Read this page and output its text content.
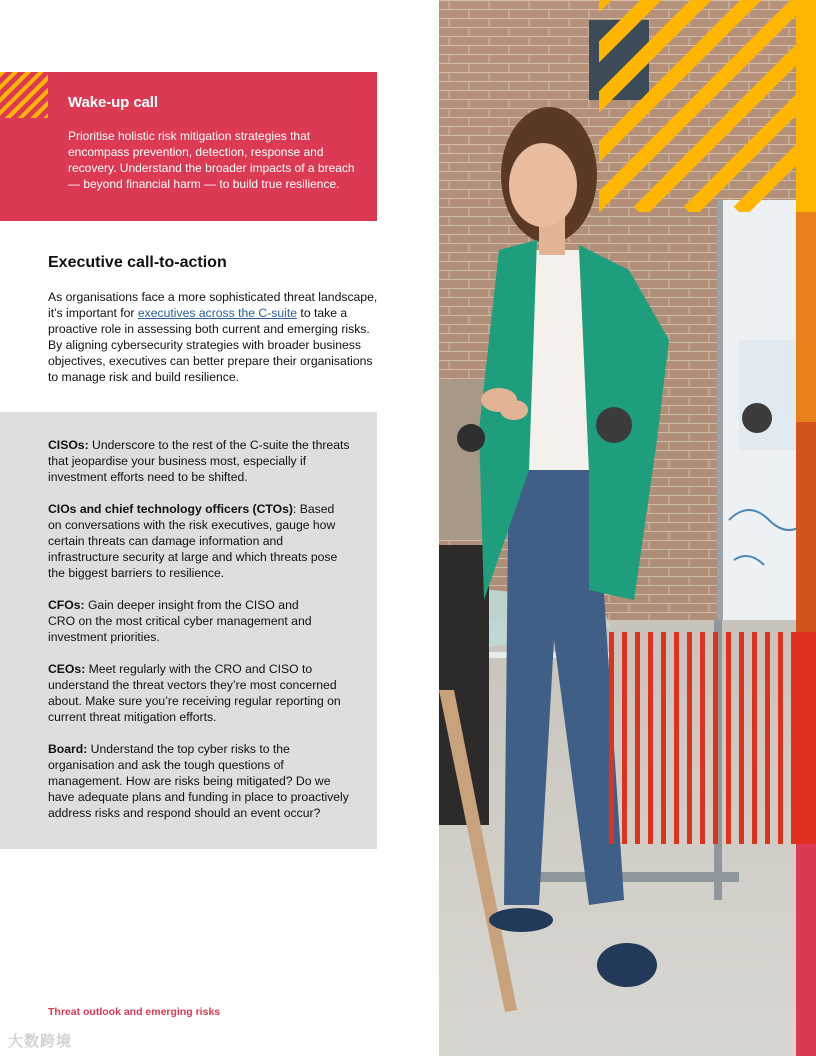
Wake-up call
Prioritise holistic risk mitigation strategies that encompass prevention, detection, response and recovery. Understand the broader impacts of a breach — beyond financial harm — to build true resilience.
Executive call-to-action
As organisations face a more sophisticated threat landscape, it’s important for executives across the C-suite to take a proactive role in assessing both current and emerging risks. By aligning cybersecurity strategies with broader business objectives, executives can better prepare their organisations to manage risk and build resilience.
CISOs: Underscore to the rest of the C-suite the threats that jeopardise your business most, especially if investment efforts need to be shifted.
CIOs and chief technology officers (CTOs): Based on conversations with the risk executives, gauge how certain threats can damage information and infrastructure security at large and which threats pose the biggest barriers to resilience.
CFOs: Gain deeper insight from the CISO and CRO on the most critical cyber management and investment priorities.
CEOs: Meet regularly with the CRO and CISO to understand the threat vectors they’re most concerned about. Make sure you’re receiving regular reporting on current threat mitigation efforts.
Board: Understand the top cyber risks to the organisation and ask the tough questions of management. How are risks being mitigated? Do we have adequate plans and funding in place to proactively address risks and respond should an event occur?
Threat outlook and emerging risks
大数跨境
